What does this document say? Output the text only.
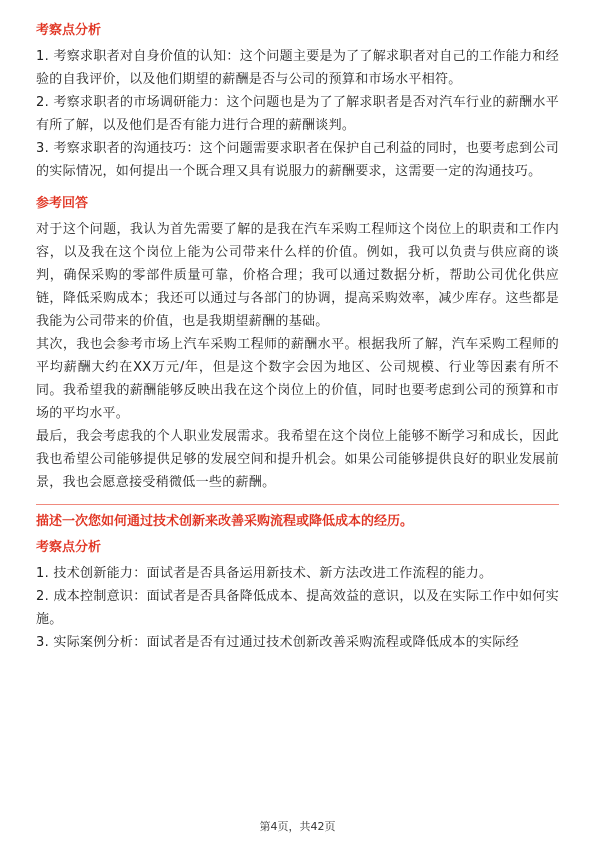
考察点分析

1. 考察求职者对自身价值的认知：这个问题主要是为了了解求职者对自己的工作能力和经验的自我评价，以及他们期望的薪酬是否与公司的预算和市场水平相符。

2. 考察求职者的市场调研能力：这个问题也是为了了解求职者是否对汽车行业的薪酬水平有所了解，以及他们是否有能力进行合理的薪酬谈判。

3. 考察求职者的沟通技巧：这个问题需要求职者在保护自己利益的同时，也要考虑到公司的实际情况，如何提出一个既合理又具有说服力的薪酬要求，这需要一定的沟通技巧。

参考回答

对于这个问题，我认为首先需要了解的是我在汽车采购工程师这个岗位上的职责和工作内容，以及我在这个岗位上能为公司带来什么样的价值。例如，我可以负责与供应商的谈判，确保采购的零部件质量可靠，价格合理；我可以通过数据分析，帮助公司优化供应链，降低采购成本；我还可以通过与各部门的协调，提高采购效率，减少库存。这些都是我能为公司带来的价值，也是我期望薪酬的基础。

其次，我也会参考市场上汽车采购工程师的薪酬水平。根据我所了解，汽车采购工程师的平均薪酬大约在XX万元/年，但是这个数字会因为地区、公司规模、行业等因素有所不同。我希望我的薪酬能够反映出我在这个岗位上的价值，同时也要考虑到公司的预算和市场的平均水平。

最后，我会考虑我的个人职业发展需求。我希望在这个岗位上能够不断学习和成长，因此我也希望公司能够提供足够的发展空间和提升机会。如果公司能够提供良好的职业发展前景，我也会愿意接受稍微低一些的薪酬。

描述一次您如何通过技术创新来改善采购流程或降低成本的经历。
考察点分析

1. 技术创新能力：面试者是否具备运用新技术、新方法改进工作流程的能力。

2. 成本控制意识：面试者是否具备降低成本、提高效益的意识，以及在实际工作中如何实施。

3. 实际案例分析：面试者是否有过通过技术创新改善采购流程或降低成本的实际经

第4页，共42页
